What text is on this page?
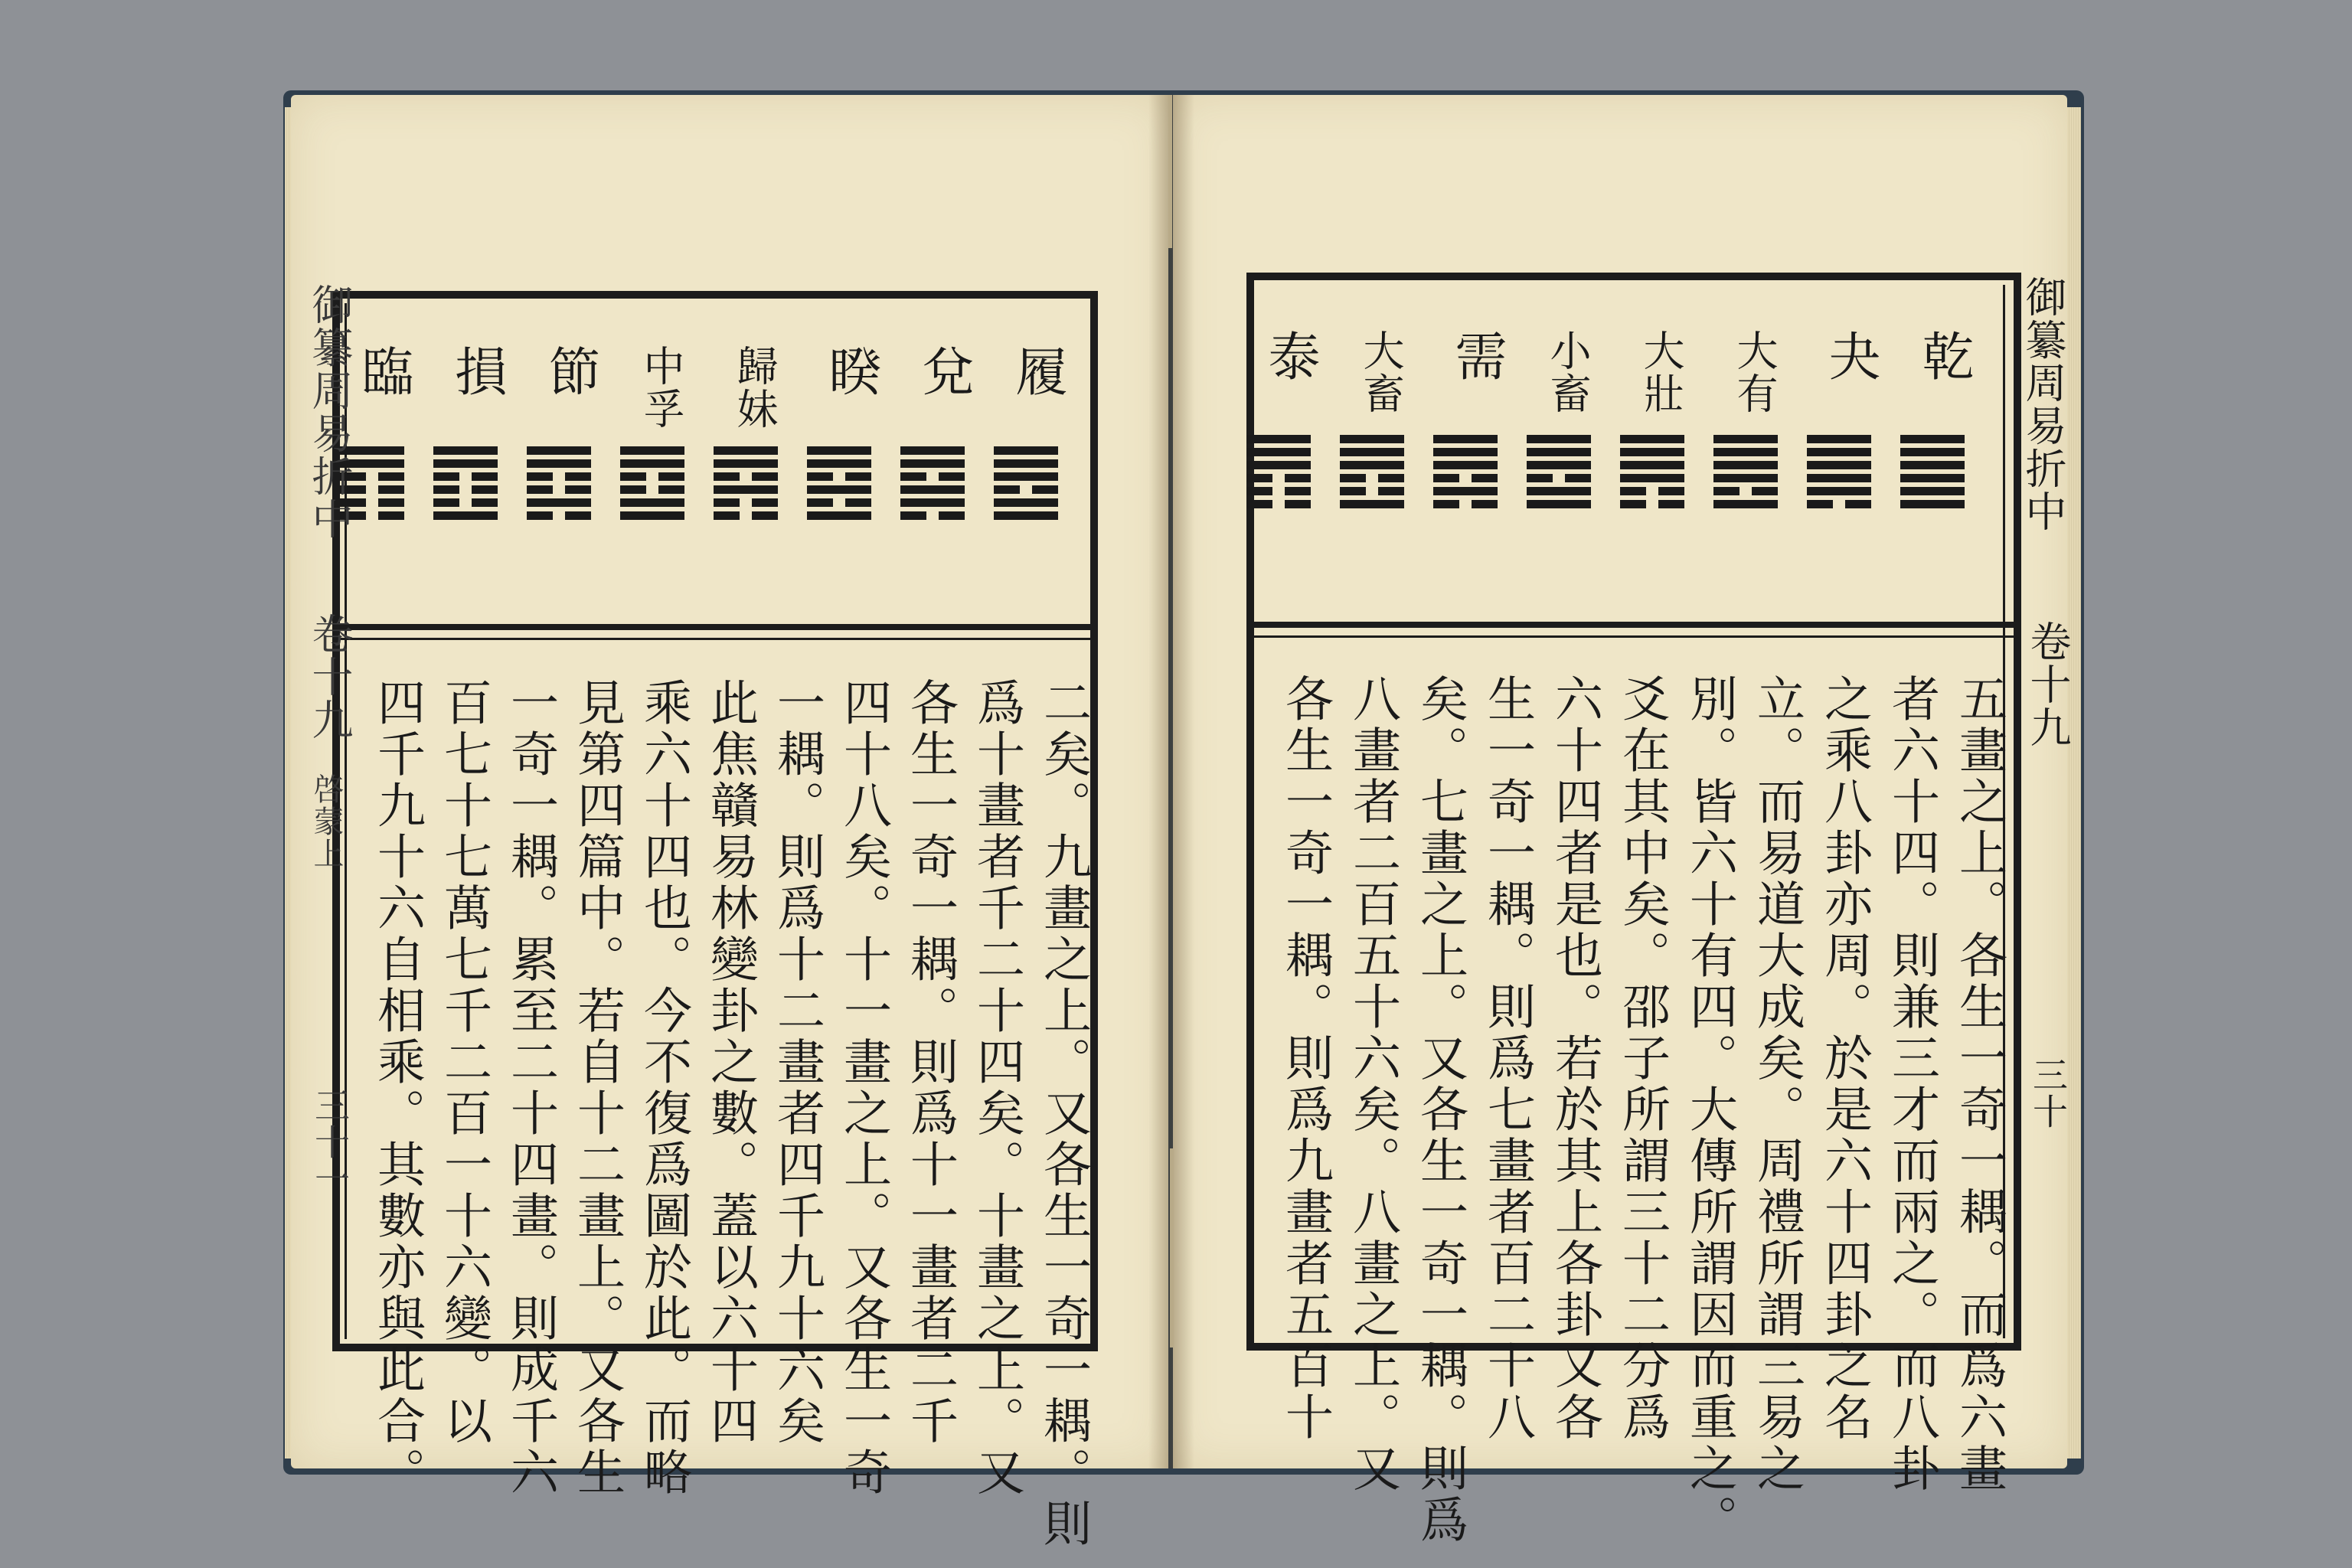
履
兌
睽
歸妹
中孚
節
損
臨
二矣。九畫之上。又各生一奇一耦。則
爲十畫者千二十四矣。十畫之上。又
各生一奇一耦。則爲十一畫者二千
四十八矣。十一畫之上。又各生一奇
一耦。則爲十二畫者四千九十六矣
此焦贛易林變卦之數。蓋以六十四
乘六十四也。今不復爲圖於此。而略
見第四篇中。若自十二畫上。又各生
一奇一耦。累至二十四畫。則成千六
百七十七萬七千二百一十六變。以
四千九十六自相乘。其數亦與此合。
御纂周易折中
卷十九
啓蒙上
三十一
乾
夬
大有
大壯
小畜
需
大畜
泰
五畫之上。各生一奇一耦。而爲六畫
者六十四。則兼三才而兩之。而八卦
之乘八卦亦周。於是六十四卦之名
立。而易道大成矣。周禮所謂三易之
別。皆六十有四。大傳所謂因而重之。
爻在其中矣。邵子所謂三十二分爲
六十四者是也。若於其上各卦又各
生一奇一耦。則爲七畫者百二十八
矣。七畫之上。又各生一奇一耦。則爲
八畫者二百五十六矣。八畫之上。又
各生一奇一耦。則爲九畫者五百十
御纂周易折中
卷十九
三十
